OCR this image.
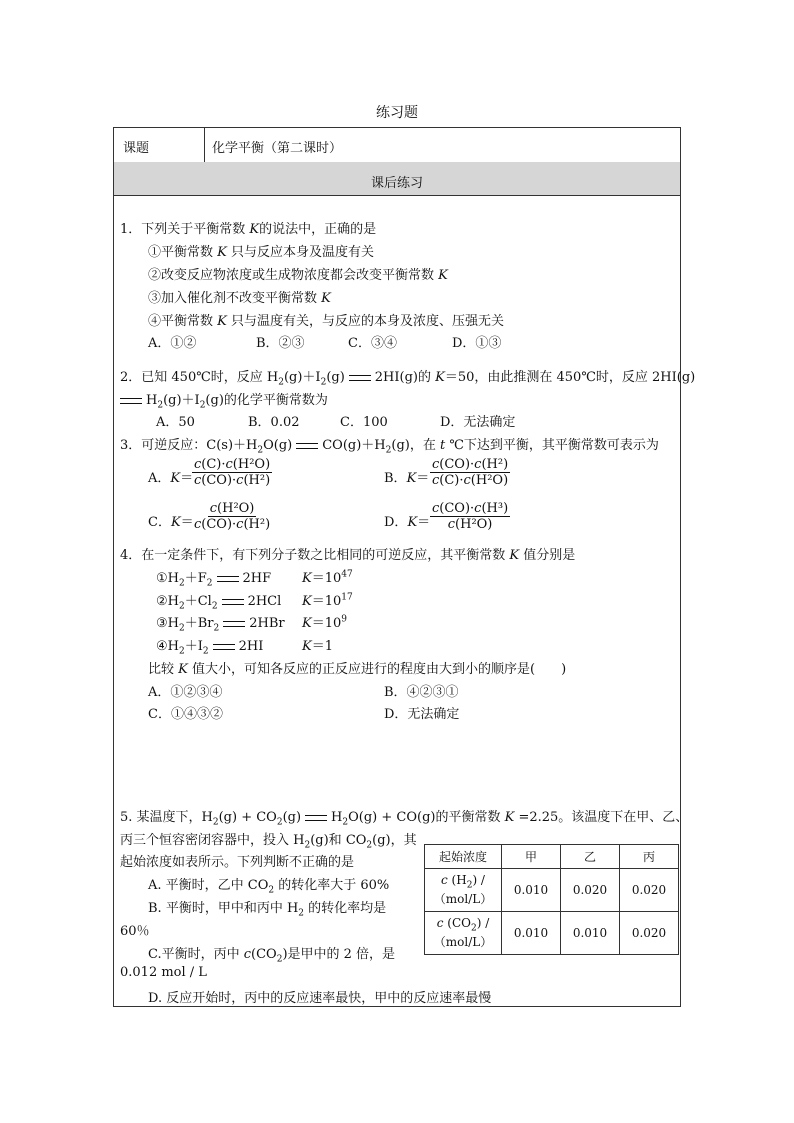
练习题
课题	化学平衡（第二课时）
课后练习
1．下列关于平衡常数 K的说法中，正确的是
①平衡常数 K 只与反应本身及温度有关
②改变反应物浓度或生成物浓度都会改变平衡常数 K
③加入催化剂不改变平衡常数 K
④平衡常数 K 只与温度有关，与反应的本身及浓度、压强无关
A．①②	B．②③	C．③④	D．①③
2．已知 450℃时，反应 $H_2(g)+I_2(g)$ 2HI(g)的 K＝50，由此推测在 450℃时，反应 2HI(g)
$H_2(g)+I_2(g)$的化学平衡常数为
A．50	B．0.02	C．100	D．无法确定
3．可逆反应：$C(s)+H_2O(g)$ $CO(g)+H_2(g)$，在 t ℃下达到平衡，其平衡常数可表示为
A．K＝
$\frac{\text{c(C)·c(H²O)}}{\text{c(CO)·c(H²)}}$	B．$K= \frac{\text{c(CO)·c(H²)}}{\text{c(C)·c(H²O)}}$
C．K＝
$\frac{\text{c(H²O)}}{\text{c(CO)·c(H²)}}$	D．$K= \frac{\text{c(CO)·c(H³)}}{\text{c(H²O)}}$
4．在一定条件下，有下列分子数之比相同的可逆反应，其平衡常数 K 值分别是
$①H_2+F_2$ 2HF $K=10^{47}$
$②H_2+Cl_2$ 2HCl $K=10^{17}$
$③H_2+Br_2$ 2HBr $K=10^9$
$④H_2+I_2$ 2HI	K＝1
比较 K 值大小，可知各反应的正反应进行的程度由大到小的顺序是(　　)
A．①②③④	B．④②③①
C．①④③②	D．无法确定
5. 某温度下，$H_2(g) + CO_2(g) H_2O(g) + CO(g)$的平衡常数 K =2.25。该温度下在甲、乙、
丙三个恒容密闭容器中，投入 $H_2(g)$和 $CO_2(g)$，其
起始浓度如表所示。下列判断不正确的是
A. 平衡时，乙中 $CO_2$ 的转化率大于 60%
B. 平衡时，甲中和丙中 $H_2$ 的转化率均是
60％
C.平衡时，丙中 $c(CO_2)$是甲中的 2 倍，是
0.012 mol / L
D. 反应开始时，丙中的反应速率最快，甲中的反应速率最慢
起始浓度	甲	乙	丙

c $(H_2)$ /
（mol/L）	0.010	0.020	0.020

c $(CO_2)$ /
（mol/L）	0.010	0.010	0.020
